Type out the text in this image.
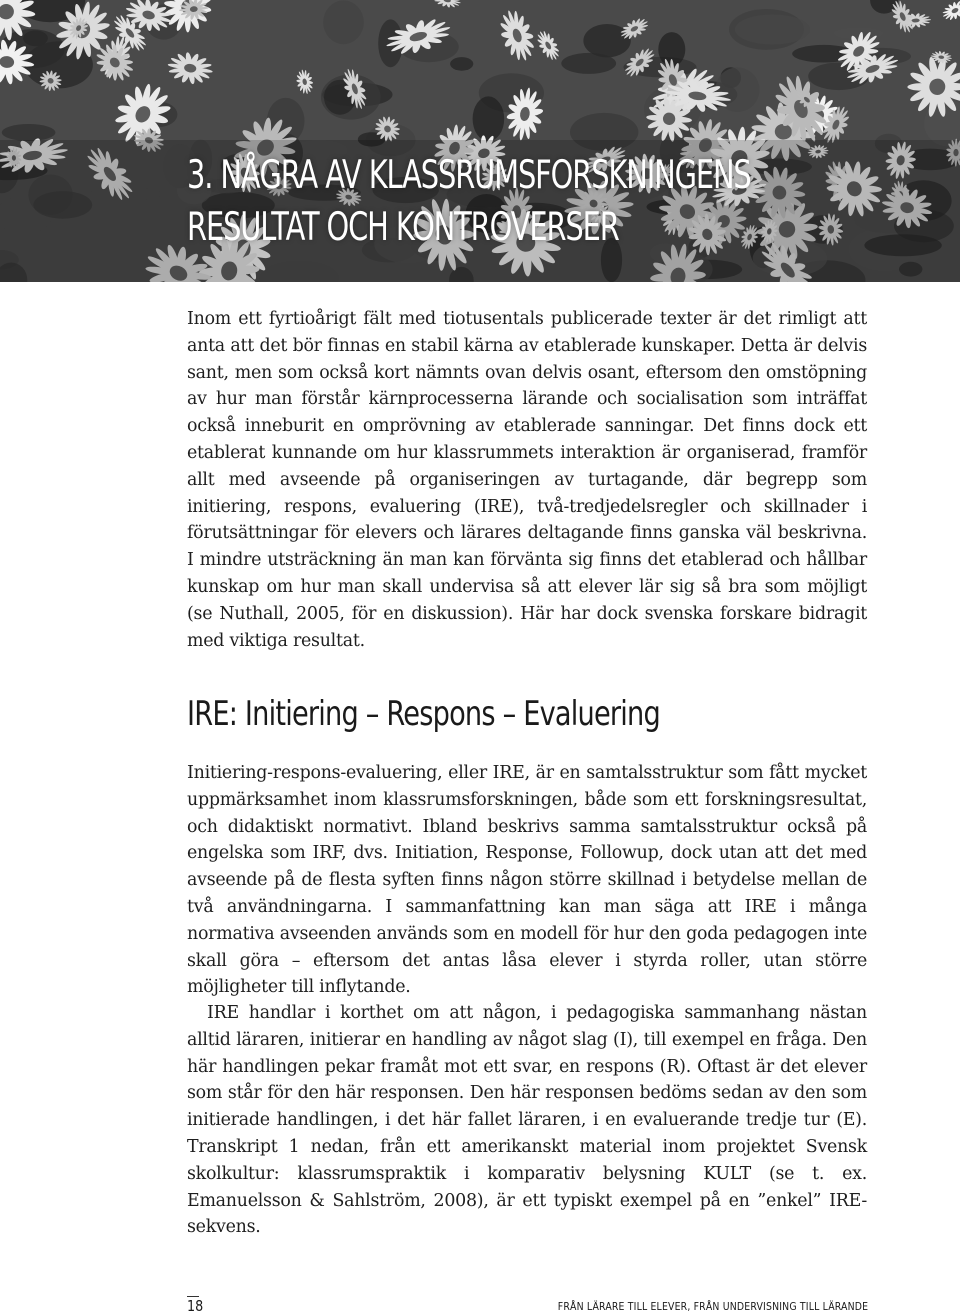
3. NÅGRA AV KLASSRUMSFORSKNINGENS
RESULTAT OCH KONTROVERSER

Inom ett fyrtioårigt fält med tiotusentals publicerade texter är det rimligt att anta att det bör finnas en stabil kärna av etablerade kunskaper. Detta är delvis sant, men som också kort nämnts ovan delvis osant, eftersom den omstöpning av hur man förstår kärnprocesserna lärande och socialisation som inträffat också inneburit en omprövning av etablerade sanningar. Det finns dock ett etablerat kunnande om hur klassrummets interaktion är organiserad, framför allt med avseende på organiseringen av turtagande, där begrepp som initiering, respons, evaluering (IRE), två-tredjedelsregler och skillnader i förutsättningar för elevers och lärares deltagande finns ganska väl beskrivna. I mindre utsträckning än man kan förvänta sig finns det etablerad och hållbar kunskap om hur man skall undervisa så att elever lär sig så bra som möjligt (se Nuthall, 2005, för en diskussion). Här har dock svenska forskare bidragit med viktiga resultat.

IRE: Initiering – Respons – Evaluering

Initiering-respons-evaluering, eller IRE, är en samtalsstruktur som fått mycket uppmärksamhet inom klassrumsforskningen, både som ett forskningsresultat, och didaktiskt normativt. Ibland beskrivs samma samtalsstruktur också på engelska som IRF, dvs. Initiation, Response, Followup, dock utan att det med avseende på de flesta syften finns någon större skillnad i betydelse mellan de två användningarna. I sammanfattning kan man säga att IRE i många normativa avseenden används som en modell för hur den goda pedagogen inte skall göra – eftersom det antas låsa elever i styrda roller, utan större möjligheter till inflytande.

IRE handlar i korthet om att någon, i pedagogiska sammanhang nästan alltid läraren, initierar en handling av något slag (I), till exempel en fråga. Den här handlingen pekar framåt mot ett svar, en respons (R). Oftast är det elever som står för den här responsen. Den här responsen bedöms sedan av den som initierade handlingen, i det här fallet läraren, i en evaluerande tredje tur (E). Transkript 1 nedan, från ett amerikanskt material inom projektet Svensk skolkultur: klassrumspraktik i komparativ belysning KULT (se t. ex. Emanuelsson & Sahlström, 2008), är ett typiskt exempel på en ”enkel” IRE-sekvens.

18	FRÅN LÄRARE TILL ELEVER, FRÅN UNDERVISNING TILL LÄRANDE
